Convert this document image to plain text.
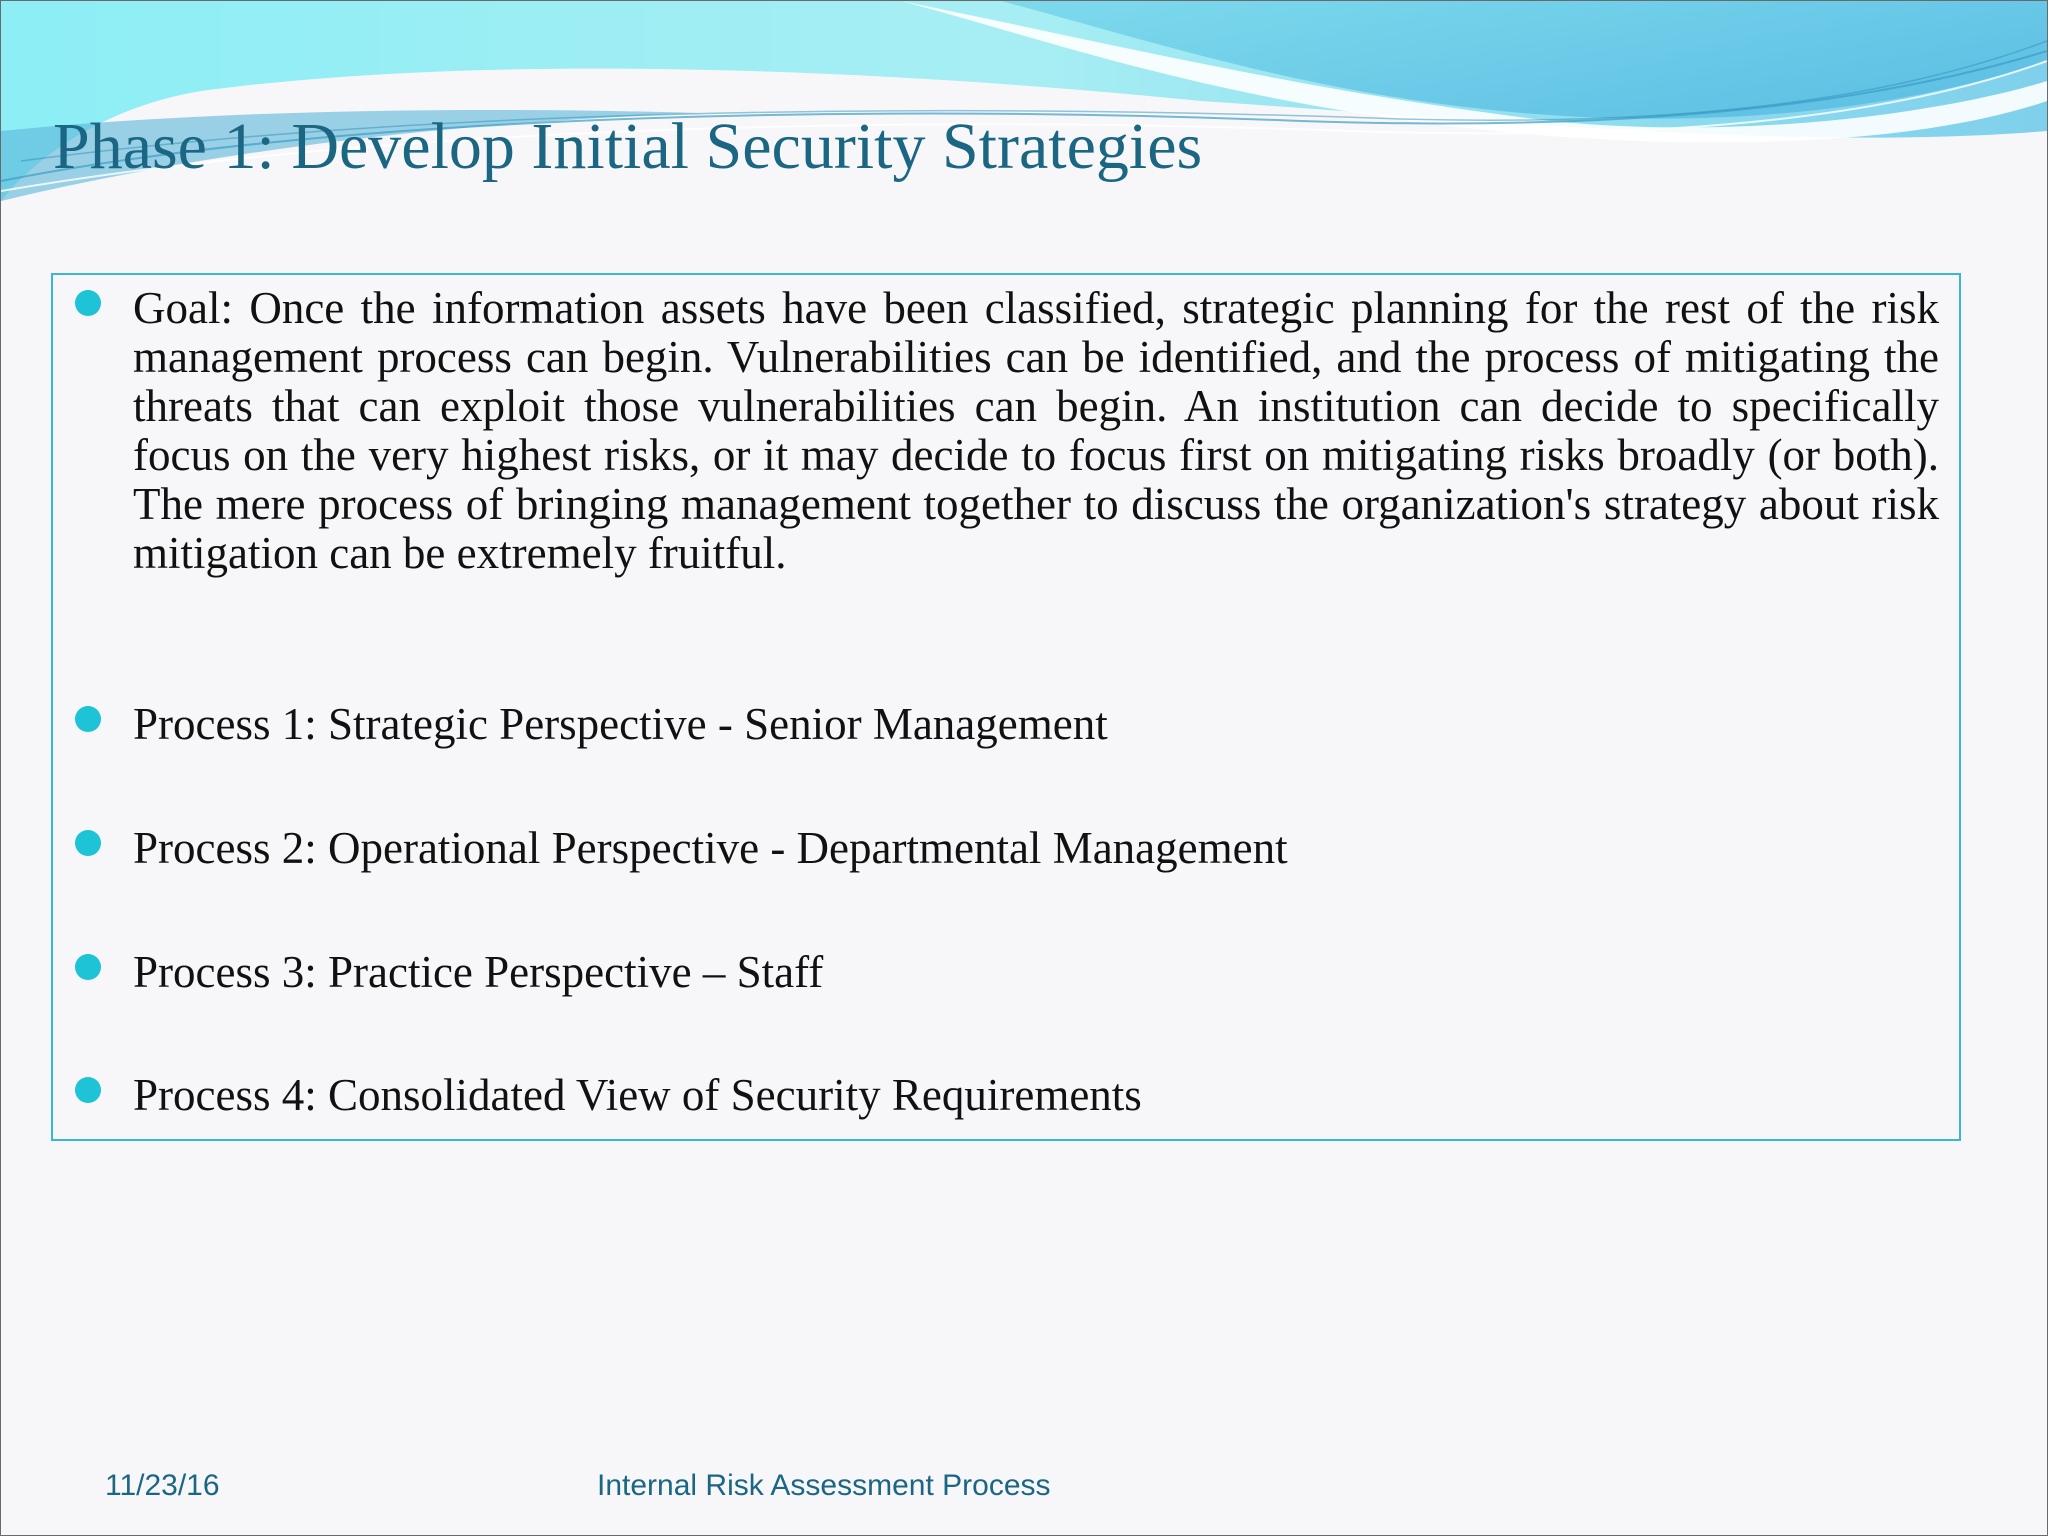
Phase 1: Develop Initial Security Strategies

Goal: Once the information assets have been classified, strategic planning for the rest of the risk management process can begin. Vulnerabilities can be identified, and the process of mitigating the threats that can exploit those vulnerabilities can begin. An institution can decide to specifically focus on the very highest risks, or it may decide to focus first on mitigating risks broadly (or both). The mere process of bringing management together to discuss the organization's strategy about risk mitigation can be extremely fruitful.

Process 1: Strategic Perspective - Senior Management

Process 2: Operational Perspective - Departmental Management

Process 3: Practice Perspective – Staff

Process 4: Consolidated View of Security Requirements

11/23/16	Internal Risk Assessment Process
